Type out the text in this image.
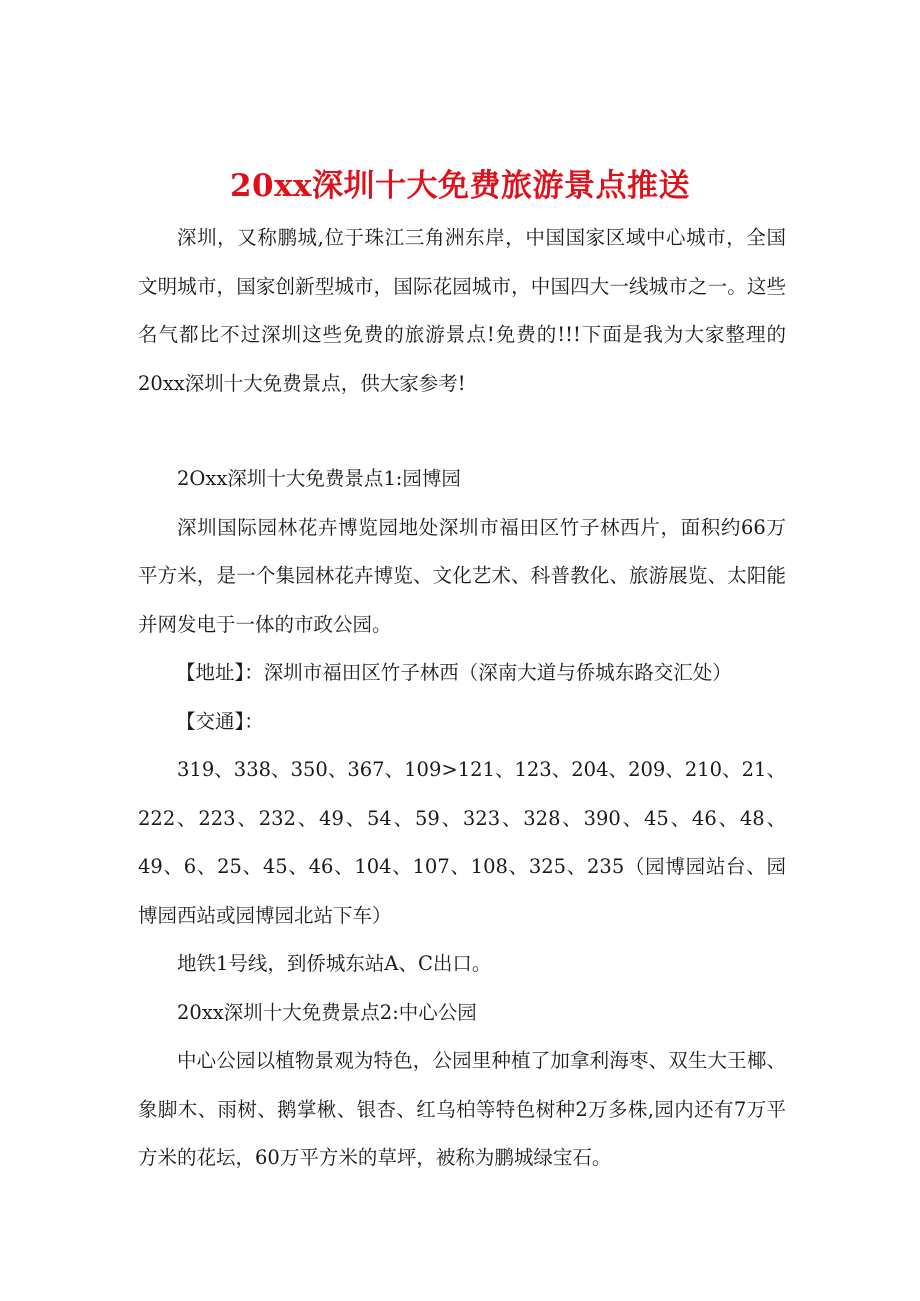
20xx深圳十大免费旅游景点推送

深圳，又称鹏城,位于珠江三角洲东岸，中国国家区域中心城市，全国文明城市，国家创新型城市，国际花园城市，中国四大一线城市之一。这些名气都比不过深圳这些免费的旅游景点!免费的!!!下面是我为大家整理的20xx深圳十大免费景点，供大家参考!

2Oxx深圳十大免费景点1:园博园

深圳国际园林花卉博览园地处深圳市福田区竹子林西片，面积约66万平方米，是一个集园林花卉博览、文化艺术、科普教化、旅游展览、太阳能并网发电于一体的市政公园。

【地址】：深圳市福田区竹子林西（深南大道与侨城东路交汇处）

【交通】：

319、338、350、367、109>121、123、204、209、210、21、222、223、232、49、54、59、323、328、390、45、46、48、49、6、25、45、46、104、107、108、325、235（园博园站台、园博园西站或园博园北站下车）

地铁1号线，到侨城东站A、C出口。

20xx深圳十大免费景点2:中心公园

中心公园以植物景观为特色，公园里种植了加拿利海枣、双生大王椰、象脚木、雨树、鹅掌楸、银杏、红乌柏等特色树种2万多株,园内还有7万平方米的花坛，60万平方米的草坪，被称为鹏城绿宝石。
